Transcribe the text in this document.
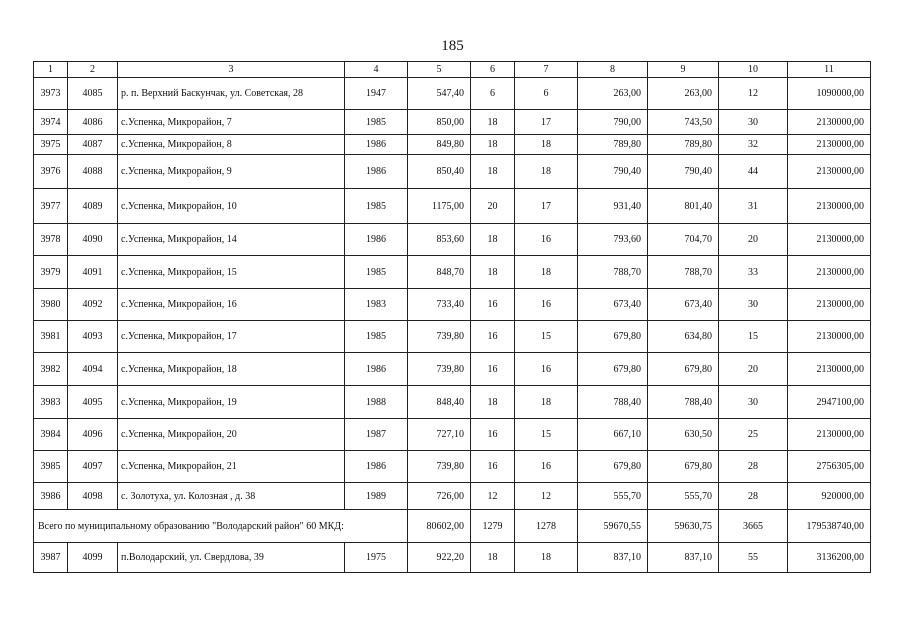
185
1	2	3	4	5	6	7	8	9	10	11
3973	4085	р. п. Верхний Баскунчак, ул. Советская, 28	1947	547,40	6	6	263,00	263,00	12	1090000,00
3974	4086	с.Успенка, Микрорайон, 7	1985	850,00	18	17	790,00	743,50	30	2130000,00
3975	4087	с.Успенка, Микрорайон, 8	1986	849,80	18	18	789,80	789,80	32	2130000,00
3976	4088	с.Успенка, Микрорайон, 9	1986	850,40	18	18	790,40	790,40	44	2130000,00
3977	4089	с.Успенка, Микрорайон, 10	1985	1175,00	20	17	931,40	801,40	31	2130000,00
3978	4090	с.Успенка, Микрорайон, 14	1986	853,60	18	16	793,60	704,70	20	2130000,00
3979	4091	с.Успенка, Микрорайон, 15	1985	848,70	18	18	788,70	788,70	33	2130000,00
3980	4092	с.Успенка, Микрорайон, 16	1983	733,40	16	16	673,40	673,40	30	2130000,00
3981	4093	с.Успенка, Микрорайон, 17	1985	739,80	16	15	679,80	634,80	15	2130000,00
3982	4094	с.Успенка, Микрорайон, 18	1986	739,80	16	16	679,80	679,80	20	2130000,00
3983	4095	с.Успенка, Микрорайон, 19	1988	848,40	18	18	788,40	788,40	30	2947100,00
3984	4096	с.Успенка, Микрорайон, 20	1987	727,10	16	15	667,10	630,50	25	2130000,00
3985	4097	с.Успенка, Микрорайон, 21	1986	739,80	16	16	679,80	679,80	28	2756305,00
3986	4098	с. Золотуха, ул. Колозная , д. 38	1989	726,00	12	12	555,70	555,70	28	920000,00
Всего по муниципальному образованию "Володарский район" 60 МКД:				80602,00	1279	1278	59670,55	59630,75	3665	179538740,00
3987	4099	п.Володарский, ул. Свердлова, 39	1975	922,20	18	18	837,10	837,10	55	3136200,00
